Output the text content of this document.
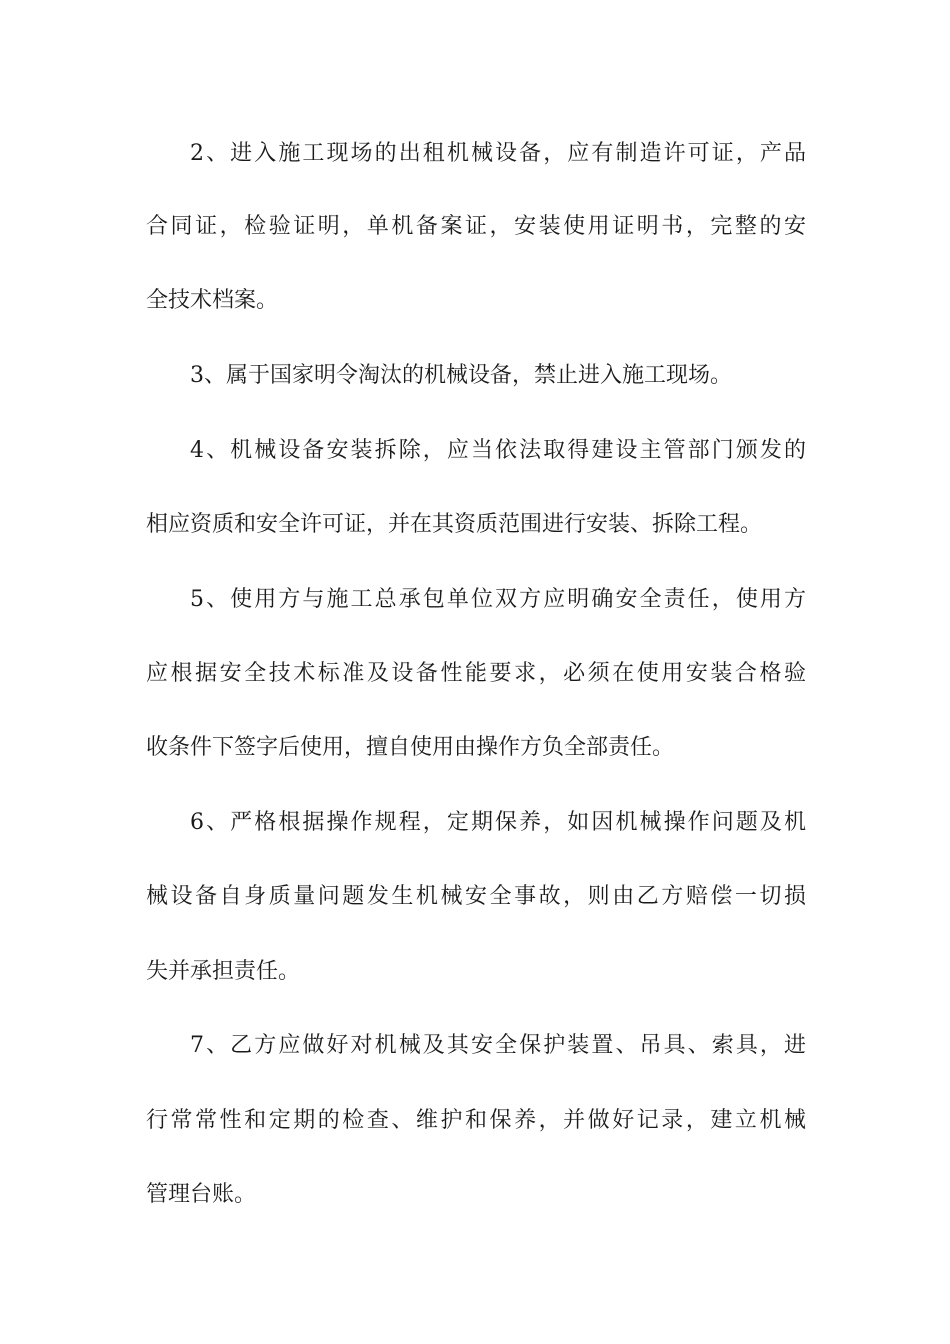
2、进入施工现场的出租机械设备，应有制造许可证，产品
合同证，检验证明，单机备案证，安装使用证明书，完整的安
全技术档案。
3、属于国家明令淘汰的机械设备，禁止进入施工现场。
4、机械设备安装拆除，应当依法取得建设主管部门颁发的
相应资质和安全许可证，并在其资质范围进行安装、拆除工程。
5、使用方与施工总承包单位双方应明确安全责任，使用方
应根据安全技术标准及设备性能要求，必须在使用安装合格验
收条件下签字后使用，擅自使用由操作方负全部责任。
6、严格根据操作规程，定期保养，如因机械操作问题及机
械设备自身质量问题发生机械安全事故，则由乙方赔偿一切损
失并承担责任。
7、乙方应做好对机械及其安全保护装置、吊具、索具，进
行常常性和定期的检查、维护和保养，并做好记录，建立机械
管理台账。
